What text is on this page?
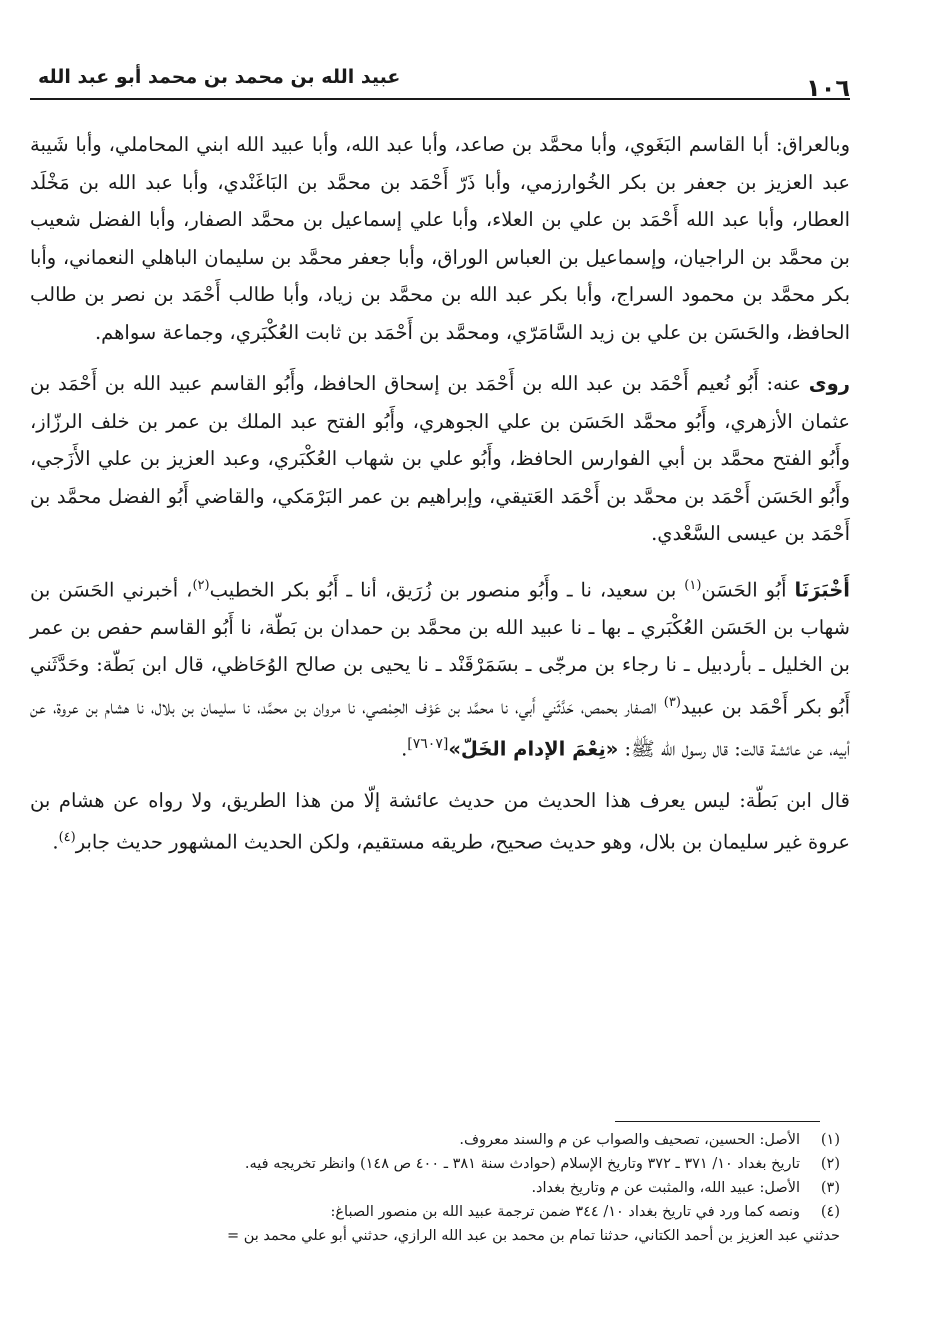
١٠٦
عبيد الله بن محمد بن محمد أبو عبد الله

وبالعراق: أبا القاسم البَغَوي، وأبا محمَّد بن صاعد، وأبا عبد الله، وأبا عبيد الله ابني المحاملي، وأبا شَيبة عبد العزيز بن جعفر بن بكر الخُوارزمي، وأبا ذَرّ أَحْمَد بن محمَّد بن البَاغَنْدي، وأبا عبد الله بن مَخْلَد العطار، وأبا عبد الله أَحْمَد بن علي بن العلاء، وأبا علي إسماعيل بن محمَّد الصفار، وأبا الفضل شعيب بن محمَّد بن الراجيان، وإسماعيل بن العباس الوراق، وأبا جعفر محمَّد بن سليمان الباهلي النعماني، وأبا بكر محمَّد بن محمود السراج، وأبا بكر عبد الله بن محمَّد بن زياد، وأبا طالب أَحْمَد بن نصر بن طالب الحافظ، والحَسَن بن علي بن زيد السَّامَرّي، ومحمَّد بن أَحْمَد بن ثابت العُكْبَري، وجماعة سواهم.

روى عنه: أَبُو نُعيم أَحْمَد بن عبد الله بن أَحْمَد بن إسحاق الحافظ، وأَبُو القاسم عبيد الله بن أَحْمَد بن عثمان الأزهري، وأَبُو محمَّد الحَسَن بن علي الجوهري، وأَبُو الفتح عبد الملك بن عمر بن خلف الرزّاز، وأَبُو الفتح محمَّد بن أبي الفوارس الحافظ، وأَبُو علي بن شهاب العُكْبَري، وعبد العزيز بن علي الأَزَجي، وأَبُو الحَسَن أَحْمَد بن محمَّد بن أَحْمَد العَتيقي، وإبراهيم بن عمر البَرْمَكي، والقاضي أَبُو الفضل محمَّد بن أَحْمَد بن عيسى السَّعْدي.

أَخْبَرَنَا أَبُو الحَسَن$^{(١)}$ بن سعيد، نا ـ وأَبُو منصور بن زُرَيق، أنا ـ أَبُو بكر الخطيب$^{(٢)}$، أخبرني الحَسَن بن شهاب بن الحَسَن العُكْبَري ـ بها ـ نا عبيد الله بن محمَّد بن حمدان بن بَطّة، نا أَبُو القاسم حفص بن عمر بن الخليل ـ بأردبيل ـ نا رجاء بن مرجّى ـ بسَمَرْقَنْد ـ نا يحيى بن صالح الوُحَاظي، قال ابن بَطّة: وحَدَّثَني أَبُو بكر أَحْمَد بن عبيد$^{(٣)}$ الصفار بحمص، حَدَّثَني أَبي، نا محمَّد بن عَوْف الحِمْصي، نا مروان بن محمَّد، نا سليمان بن بلال، نا هشام بن عروة، عن أبيه، عن عائشة قالت: قال رسول الله ﷺ: «نِعْمَ الإدام الخَلّ»[٧٦٠٧].

قال ابن بَطّة: ليس يعرف هذا الحديث من حديث عائشة إلّا من هذا الطريق، ولا رواه عن هشام بن عروة غير سليمان بن بلال، وهو حديث صحيح، طريقه مستقيم، ولكن الحديث المشهور حديث جابر$^{(٤)}$.

(١)
الأصل: الحسين، تصحيف والصواب عن م والسند معروف.
(٢)
تاريخ بغداد ١٠/ ٣٧١ ـ ٣٧٢ وتاريخ الإسلام (حوادث سنة ٣٨١ ـ ٤٠٠ ص ١٤٨) وانظر تخريجه فيه.
(٣)
الأصل: عبيد الله، والمثبت عن م وتاريخ بغداد.
(٤)
ونصه كما ورد في تاريخ بغداد ١٠/ ٣٤٤ ضمن ترجمة عبيد الله بن منصور الصباغ:
حدثني عبد العزيز بن أحمد الكتاني، حدثنا تمام بن محمد بن عبد الله الرازي، حدثني أبو علي محمد بن =
